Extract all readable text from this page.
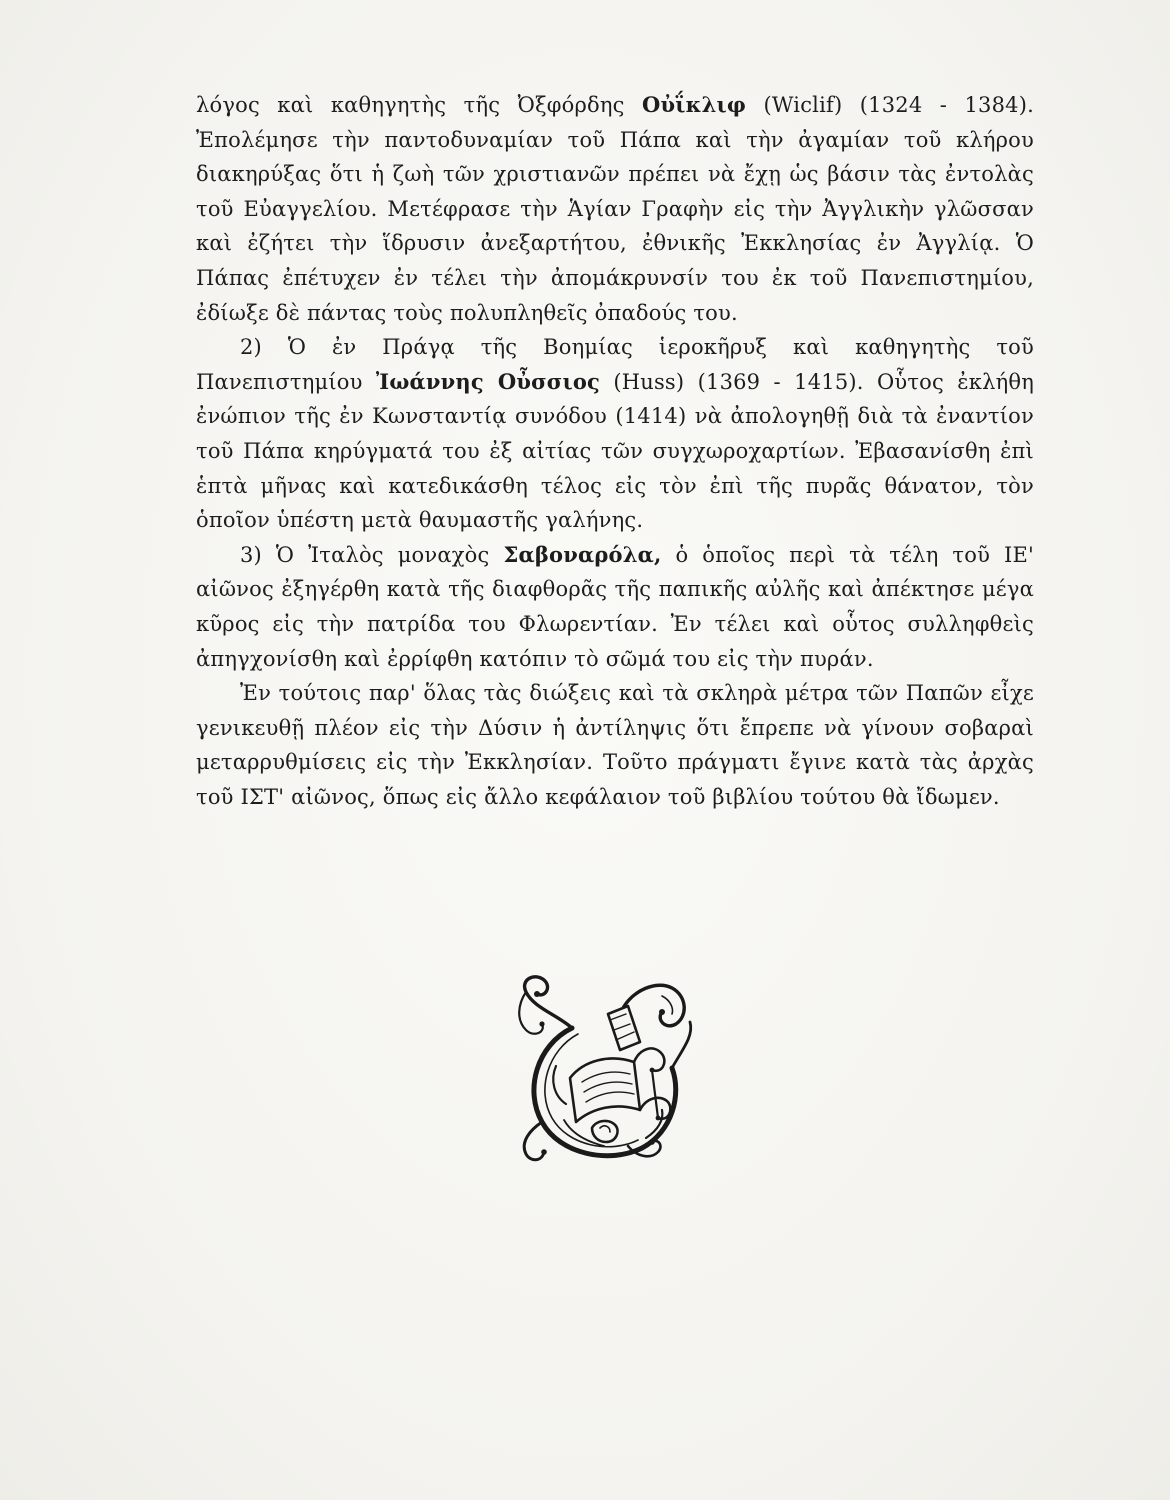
λόγος καὶ καθηγητὴς τῆς Ὀξφόρδης Οὐΐκλιφ (Wiclif) (1324 - 1384). Ἐπολέμησε τὴν παντοδυναμίαν τοῦ Πάπα καὶ τὴν ἀγαμίαν τοῦ κλήρου διακηρύξας ὅτι ἡ ζωὴ τῶν χριστιανῶν πρέπει νὰ ἔχῃ ὡς βάσιν τὰς ἐντολὰς τοῦ Εὐαγγελίου. Μετέφρασε τὴν Ἁγίαν Γραφὴν εἰς τὴν Ἀγγλικὴν γλῶσσαν καὶ ἐζήτει τὴν ἵδρυσιν ἀνεξαρτήτου, ἐθνικῆς Ἐκκλησίας ἐν Ἀγγλίᾳ. Ὁ Πάπας ἐπέτυχεν ἐν τέλει τὴν ἀπομάκρυνσίν του ἐκ τοῦ Πανεπιστημίου, ἐδίωξε δὲ πάντας τοὺς πολυπληθεῖς ὀπαδούς του.

2) Ὁ ἐν Πράγᾳ τῆς Βοημίας ἱεροκῆρυξ καὶ καθηγητὴς τοῦ Πανεπιστημίου Ἰωάννης Οὖσσιος (Huss) (1369 - 1415). Οὗτος ἐκλήθη ἐνώπιον τῆς ἐν Κωνσταντίᾳ συνόδου (1414) νὰ ἀπολογηθῇ διὰ τὰ ἐναντίον τοῦ Πάπα κηρύγματά του ἐξ αἰτίας τῶν συγχωροχαρτίων. Ἐβασανίσθη ἐπὶ ἑπτὰ μῆνας καὶ κατεδικάσθη τέλος εἰς τὸν ἐπὶ τῆς πυρᾶς θάνατον, τὸν ὁποῖον ὑπέστη μετὰ θαυμαστῆς γαλήνης.

3) Ὁ Ἰταλὸς μοναχὸς Σαβοναρόλα, ὁ ὁποῖος περὶ τὰ τέλη τοῦ ΙΕ' αἰῶνος ἐξηγέρθη κατὰ τῆς διαφθορᾶς τῆς παπικῆς αὐλῆς καὶ ἀπέκτησε μέγα κῦρος εἰς τὴν πατρίδα του Φλωρεντίαν. Ἐν τέλει καὶ οὗτος συλληφθεὶς ἀπηγχονίσθη καὶ ἐρρίφθη κατόπιν τὸ σῶμά του εἰς τὴν πυράν.

Ἐν τούτοις παρ' ὅλας τὰς διώξεις καὶ τὰ σκληρὰ μέτρα τῶν Παπῶν εἶχε γενικευθῇ πλέον εἰς τὴν Δύσιν ἡ ἀντίληψις ὅτι ἔπρεπε νὰ γίνουν σοβαραὶ μεταρρυθμίσεις εἰς τὴν Ἐκκλησίαν. Τοῦτο πράγματι ἔγινε κατὰ τὰς ἀρχὰς τοῦ ΙΣΤ' αἰῶνος, ὅπως εἰς ἄλλο κεφάλαιον τοῦ βιβλίου τούτου θὰ ἴδωμεν.
